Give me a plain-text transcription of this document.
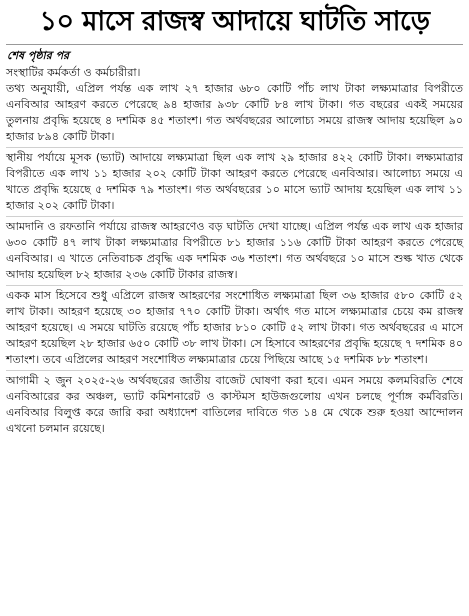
১০ মাসে রাজস্ব আদায়ে ঘাটতি সাড়ে
শেষ পৃষ্ঠার পর

সংস্থাটির কর্মকর্তা ও কর্মচারীরা।

তথ্য অনুযায়ী, এপ্রিল পর্যন্ত এক লাখ ২৭ হাজার ৬৮০ কোটি পাঁচ লাখ টাকা লক্ষ্যমাত্রার বিপরীতে এনবিআর আহরণ করতে পেরেছে ৯৪ হাজার ৯৩৮ কোটি ৮৪ লাখ টাকা। গত বছরের একই সময়ের তুলনায় প্রবৃদ্ধি হয়েছে ৪ দশমিক ৪৫ শতাংশ। গত অর্থবছরের আলোচ্য সময়ে রাজস্ব আদায় হয়েছিল ৯০ হাজার ৮৯৪ কোটি টাকা।

স্থানীয় পর্যায়ে মূসক (ভ্যাট) আদায়ে লক্ষ্যমাত্রা ছিল এক লাখ ২৯ হাজার ৪২২ কোটি টাকা। লক্ষ্যমাত্রার বিপরীতে এক লাখ ১১ হাজার ২০২ কোটি টাকা আহরণ করতে পেরেছে এনবিআর। আলোচ্য সময়ে এ খাতে প্রবৃদ্ধি হয়েছে ৫ দশমিক ৭৯ শতাংশ। গত অর্থবছরের ১০ মাসে ভ্যাট আদায় হয়েছিল এক লাখ ১১ হাজার ২০২ কোটি টাকা।

আমদানি ও রফতানি পর্যায়ে রাজস্ব আহরণেও বড় ঘাটতি দেখা যাচ্ছে। এপ্রিল পর্যন্ত এক লাখ এক হাজার ৬৩০ কোটি ৪৭ লাখ টাকা লক্ষ্যমাত্রার বিপরীতে ৮১ হাজার ১১৬ কোটি টাকা আহরণ করতে পেরেছে এনবিআর। এ খাতে নেতিবাচক প্রবৃদ্ধি এক দশমিক ৩৬ শতাংশ। গত অর্থবছরে ১০ মাসে শুল্ক খাত থেকে আদায় হয়েছিল ৮২ হাজার ২৩৬ কোটি টাকার রাজস্ব।

একক মাস হিসেবে শুধু এপ্রিলে রাজস্ব আহরণের সংশোধিত লক্ষ্যমাত্রা ছিল ৩৬ হাজার ৫৮০ কোটি ৫২ লাখ টাকা। আহরণ হয়েছে ৩০ হাজার ৭৭০ কোটি টাকা। অর্থাৎ গত মাসে লক্ষ্যমাত্রার চেয়ে কম রাজস্ব আহরণ হয়েছে। এ সময়ে ঘাটতি রয়েছে পাঁচ হাজার ৮১০ কোটি ৫২ লাখ টাকা। গত অর্থবছরের এ মাসে আহরণ হয়েছিল ২৮ হাজার ৬৫০ কোটি ৩৮ লাখ টাকা। সে হিসাবে আহরণের প্রবৃদ্ধি হয়েছে ৭ দশমিক ৪০ শতাংশ। তবে এপ্রিলের আহরণ সংশোধিত লক্ষ্যমাত্রার চেয়ে পিছিয়ে আছে ১৫ দশমিক ৮৮ শতাংশ।

আগামী ২ জুন ২০২৫-২৬ অর্থবছরের জাতীয় বাজেট ঘোষণা করা হবে। এমন সময়ে কলমবিরতি শেষে এনবিআরের কর অঞ্চল, ভ্যাট কমিশনারেট ও কাস্টমস হাউজগুলোয় এখন চলছে পূর্ণাঙ্গ কর্মবিরতি। এনবিআর বিলুপ্ত করে জারি করা অধ্যাদেশ বাতিলের দাবিতে গত ১৪ মে থেকে শুরু হওয়া আন্দোলন এখনো চলমান রয়েছে।
